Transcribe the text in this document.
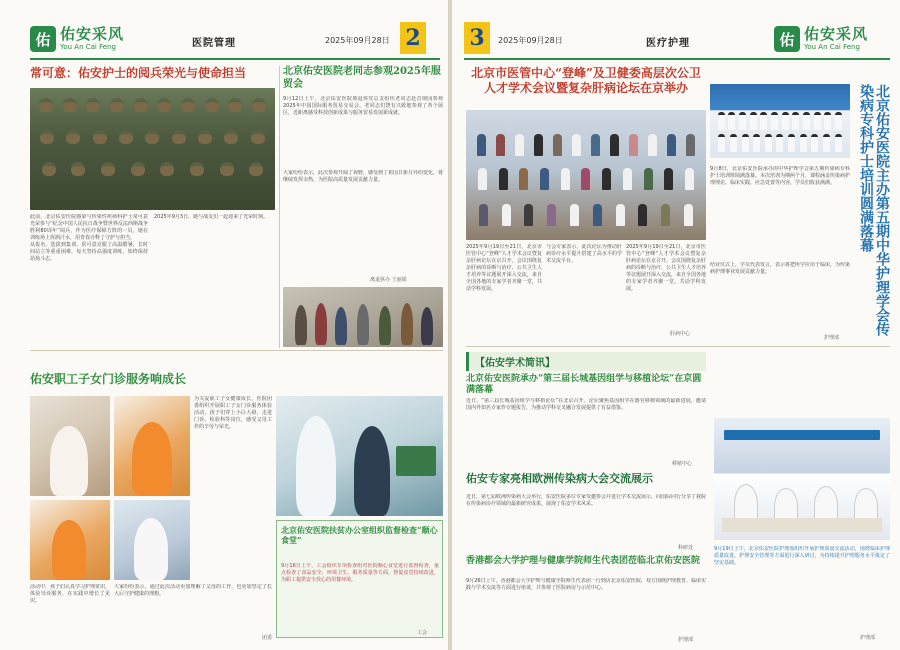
佑 佑安采风
You An Cai Feng	医院管理	2025年09月28日 2
常可意：佑安护士的阅兵荣光与使命担当
此前，北京佑安医院感染与传染性疾病科护士常可意光荣参与“纪念中国人民抗日战争暨世界反法西斯战争胜利80周年”阅兵，作为医疗保障方阵的一员，她在训练场上挥洒汗水，用青春诠释了守护与担当。
从报名、选拔到集训，常可意克服了高温酷暑、长时间站立等重重困难，每天坚持高强度训练，始终保持昂扬斗志。
2025年9月3日，她与战友们一起迎来了光荣时刻。
北京佑安医院老同志参观2025年服贸会
9月12日上午，北京佑安医院离退休党总支组织老同志赴首钢园参观2025年中国国际服务贸易交易会。老同志们饶有兴致地参观了各个展区，近距离感受科技创新成果与服务贸易发展新成就。
大家纷纷表示，此次参观开阔了视野，感受到了祖国日新月异的变化，将继续发挥余热，为医院高质量发展贡献力量。
离退休办 王丽娟
佑安职工子女门诊服务响成长
为关爱职工子女健康成长，医院团委组织开展职工子女门诊服务体验活动，孩子们穿上小白大褂，走进门诊、检验科等岗位，感受父母工作的辛劳与荣光。
活动中，孩子们认真学习护理常识，体验导诊服务，在实践中增长了见识。
大家纷纷表示，通过此次活动更加理解了父母的工作，也更加坚定了长大后守护健康的理想。
团委
北京佑安医院扶贫办公室组织监督检查“顺心食堂”
9月16日上午，工会组织专项检查组对医院顺心食堂进行监督检查，重点检查了食品安全、环境卫生、服务质量等方面，督促食堂持续改进，为职工提供安全放心的用餐环境。
工会
3	2025年09月28日	医疗护理	佑 佑安采风
You An Cai Feng
北京市医管中心“登峰”及卫健委高层次公卫人才学术会议暨复杂肝病论坛在京举办
2025年9月19日至21日，北京市医管中心“登峰”人才学术会议暨复杂肝病论坛在京召开。会议围绕复杂肝病的诊断与治疗、公共卫生人才培养等议题展开深入交流，来自全国各地的专家学者齐聚一堂，共话学科发展。
与会专家表示，此次论坛为推动肝病诊疗水平提升搭建了高水平的学术交流平台。
2025年9月19日至21日，北京市医管中心“登峰”人才学术会议暨复杂肝病论坛在京召开。会议围绕复杂肝病的诊断与治疗、公共卫生人才培养等议题展开深入交流，来自全国各地的专家学者齐聚一堂，共话学科发展。
肝病中心	北京佑安医院主办第五期中华护理学会传染病专科护士培训圆满落幕
9月8日，北京佑安医院承办的中华护理学会第五期传染病专科护士培训班圆满落幕。本次培训为期两个月，课程涵盖传染病护理理论、临床实践、应急处置等内容，学员们收获满满。
结业仪式上，学员代表发言，表示将把所学应用于临床，为传染病护理事业发展贡献力量。
护理部
【佑安学术简讯】
北京佑安医院承办“第三届长城基因组学与移植论坛”在京圆满落幕
近日，“第三届长城基因组学与移植论坛”在北京召开。论坛聚焦基因组学在器官移植领域的最新进展，邀请国内外知名专家作专题报告，为推动学科交叉融合发展提供了有益借鉴。
移植中心
佑安专家亮相欧洲传染病大会交流展示
近日，第七届欧洲传染病大会举行，佑安医院多位专家受邀参会并进行学术交流展示，向国际同行分享了我院在传染病诊疗领域的最新研究成果，展现了佑安学术风采。
科研处
香港都会大学护理与健康学院师生代表团莅临北京佑安医院
9月26日上午，香港都会大学护理与健康学院师生代表团一行到访北京佑安医院，双方围绕护理教育、临床实践与学术交流等方面进行座谈，并参观了医院病房与示范中心。
护理部
9月19日上午，北京佑安医院护理部组织开展护理质量交流活动，围绕临床护理质量改进、护理安全管理等方面进行深入研讨，为持续提升护理服务水平奠定了坚实基础。
护理部
